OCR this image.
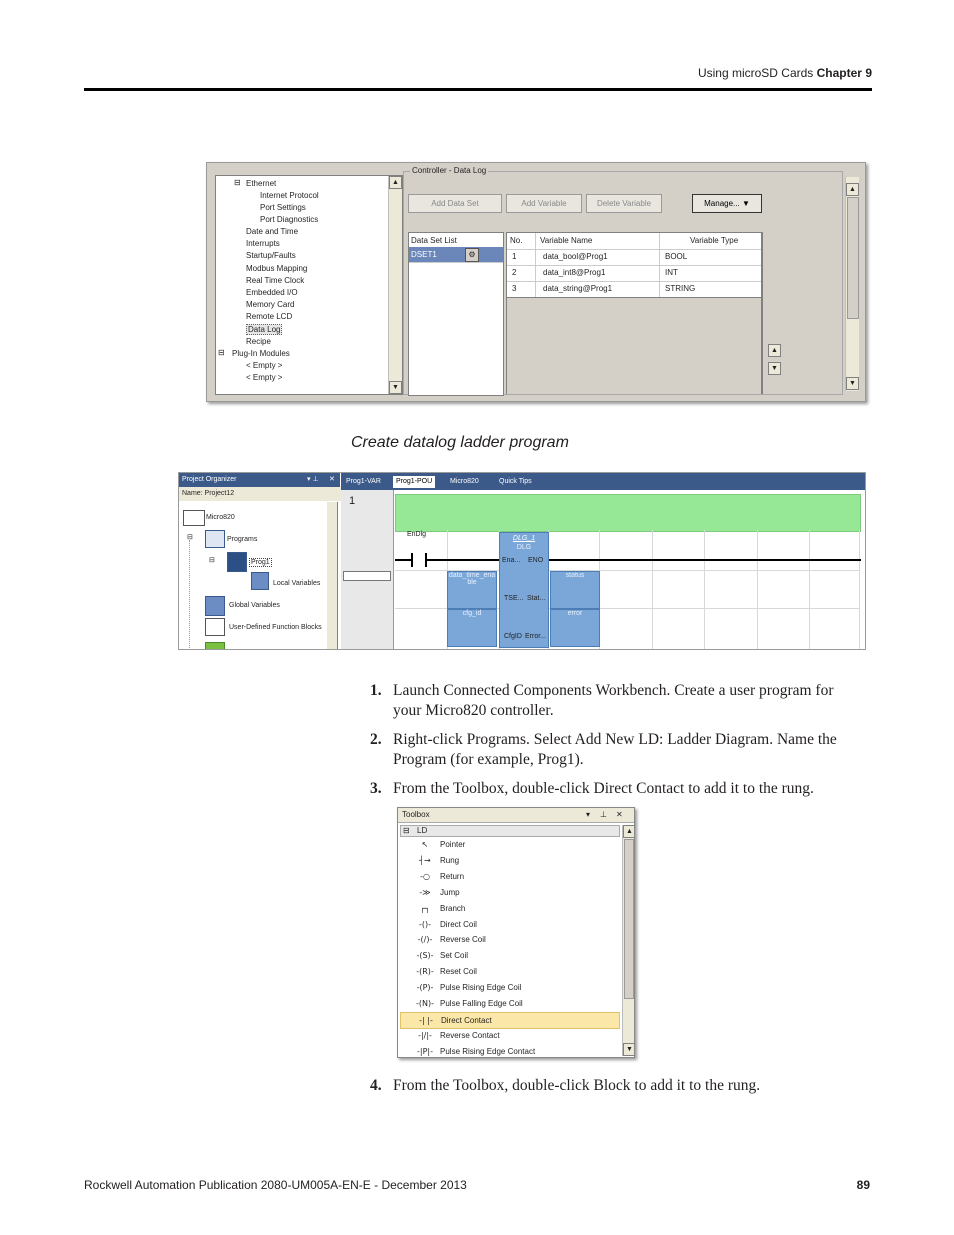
Using microSD Cards Chapter 9
Ethernet
Internet Protocol
Port Settings
Port Diagnostics
Date and Time
Interrupts
Startup/Faults
Modbus Mapping
Real Time Clock
Embedded I/O
Memory Card
Remote LCD
Data Log
Recipe
⊟ Plug-In Modules
< Empty >
< Empty >
⊟	▲
▼
Controller - Data Log
Add Data Set	Add Variable	Delete Variable	Manage... ▼
Data Set List
DSET1	⚙
No. Variable Name	Variable Type
1	data_bool@Prog1	BOOL
2	data_int8@Prog1	INT
3	data_string@Prog1	STRING
▲
▼
▲
▼
Create datalog ladder program
Project Organizer	▾ ⊥ ✕
Name: Project12
Micro820
⊟	Programs
⊟	Prog1
Local Variables
Global Variables
User-Defined Function Blocks
Prog1-VAR	Prog1-POU	Micro820	Quick Tips
1
EnDlg
DLG_1
DLG
Ena... ENO
TSE... Stat...
CfgID Error...
data_time_ena ble
cfg_id
status
error
1. Launch Connected Components Workbench. Create a user program for your Micro820 controller.
2. Right-click Programs. Select Add New LD: Ladder Diagram. Name the Program (for example, Prog1).
3. From the Toolbox, double-click Direct Contact to add it to the rung.
Toolbox	▾ ⊥ ✕
⊟ LD
↖	Pointer
┤→	Rung
-○	Return
-≫	Jump
┌┐	Branch
-()-	Direct Coil
-(/)- Reverse Coil
-(S)- Set Coil
-(R)- Reset Coil
-(P)- Pulse Rising Edge Coil
-(N)- Pulse Falling Edge Coil
-| |- Direct Contact
-|/|- Reverse Contact
-|P|- Pulse Rising Edge Contact
▲
▼
4. From the Toolbox, double-click Block to add it to the rung.
Rockwell Automation Publication 2080-UM005A-EN-E - December 2013	89
